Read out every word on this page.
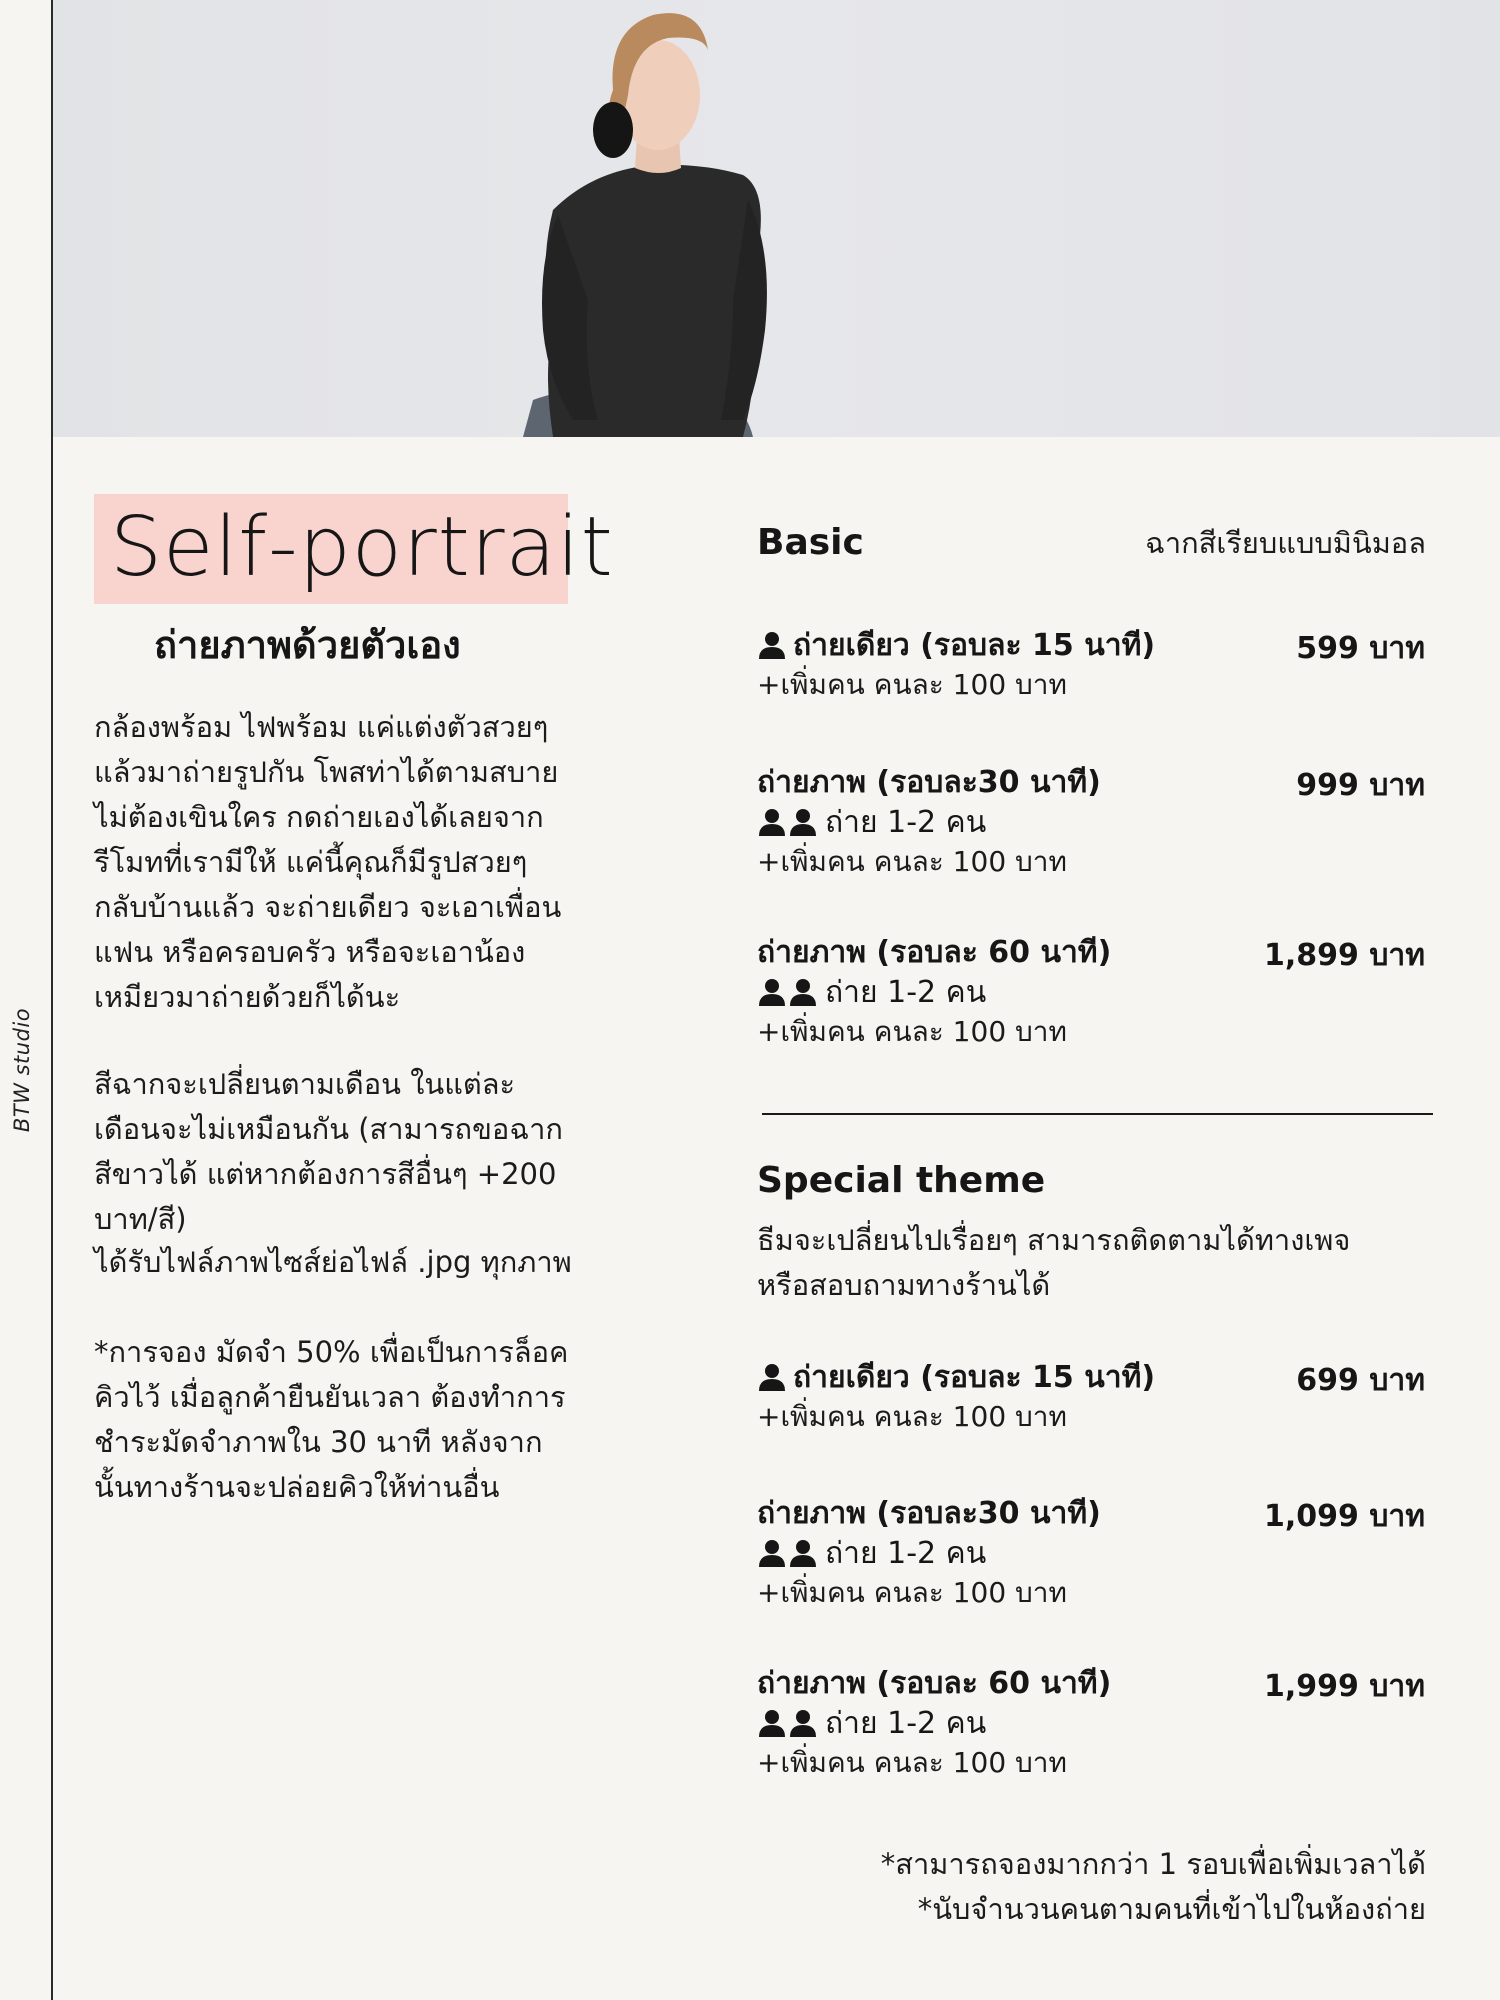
BTW studio
Self-portrait
ถ่ายภาพด้วยตัวเอง
กล้องพร้อม ไฟพร้อม แค่แต่งตัวสวยๆ แล้วมาถ่ายรูปกัน โพสท่าได้ตามสบายไม่ต้องเขินใคร กดถ่ายเองได้เลยจากรีโมทที่เรามีให้ แค่นี้คุณก็มีรูปสวยๆกลับบ้านแล้ว จะถ่ายเดียว จะเอาเพื่อน แฟน หรือครอบครัว หรือจะเอาน้องเหมียวมาถ่ายด้วยก็ได้นะ
สีฉากจะเปลี่ยนตามเดือน ในแต่ละเดือนจะไม่เหมือนกัน (สามารถขอฉากสีขาวได้ แต่หากต้องการสีอื่นๆ +200 บาท/สี)
ได้รับไฟล์ภาพไซส์ย่อไฟล์ .jpg ทุกภาพ
*การจอง มัดจำ 50% เพื่อเป็นการล็อคคิวไว้ เมื่อลูกค้ายืนยันเวลา ต้องทำการชำระมัดจำภาพใน 30 นาที หลังจากนั้นทางร้านจะปล่อยคิวให้ท่านอื่น
Basic	ฉากสีเรียบแบบมินิมอล
ถ่ายเดียว (รอบละ 15 นาที)	599 บาท
+เพิ่มคน คนละ 100 บาท
ถ่ายภาพ (รอบละ30 นาที)	999 บาท
ถ่าย 1-2 คน
+เพิ่มคน คนละ 100 บาท
ถ่ายภาพ (รอบละ 60 นาที)	1,899 บาท
ถ่าย 1-2 คน
+เพิ่มคน คนละ 100 บาท
Special theme
ธีมจะเปลี่ยนไปเรื่อยๆ สามารถติดตามได้ทางเพจหรือสอบถามทางร้านได้
ถ่ายเดียว (รอบละ 15 นาที)	699 บาท
+เพิ่มคน คนละ 100 บาท
ถ่ายภาพ (รอบละ30 นาที)	1,099 บาท
ถ่าย 1-2 คน
+เพิ่มคน คนละ 100 บาท
ถ่ายภาพ (รอบละ 60 นาที)	1,999 บาท
ถ่าย 1-2 คน
+เพิ่มคน คนละ 100 บาท
*สามารถจองมากกว่า 1 รอบเพื่อเพิ่มเวลาได้
*นับจำนวนคนตามคนที่เข้าไปในห้องถ่าย
